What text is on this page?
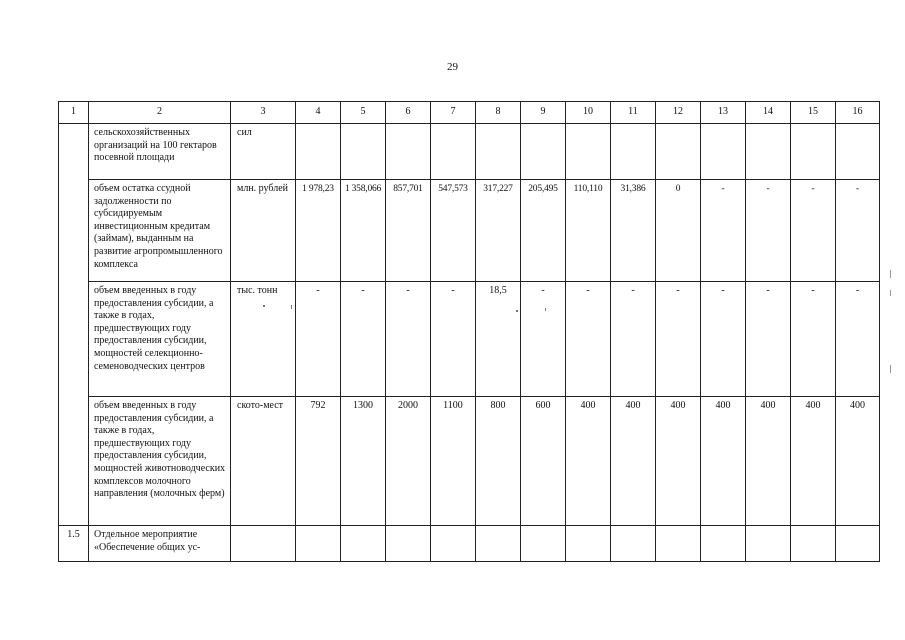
29
1	2	3	4	5	6	7	8	9	10	11	12	13	14	15	16
	сельскохозяйственных организаций на 100 гектаров посевной площади	сил													
	объем остатка ссудной задолженности по субсидируемым инвестиционным кредитам (займам), выданным на развитие агропромышленного комплекса	млн. рублей	1 978,23	1 358,066	857,701	547,573	317,227	205,495	110,110	31,386	0	-	-	-	-
	объем введенных в году предоставления субсидии, а также в годах, предшествующих году предоставления субсидии, мощностей селекционно-семеноводческих центров	тыс. тонн	-	-	-	-	18,5	-	-	-	-	-	-	-	-
	объем введенных в году предоставления субсидии, а также в годах, предшествующих году предоставления субсидии, мощностей животноводческих комплексов молочного направления (молочных ферм)	ското-мест	792	1300	2000	1100	800	600	400	400	400	400	400	400	400
1.5	Отдельное мероприятие «Обеспечение общих ус-														
